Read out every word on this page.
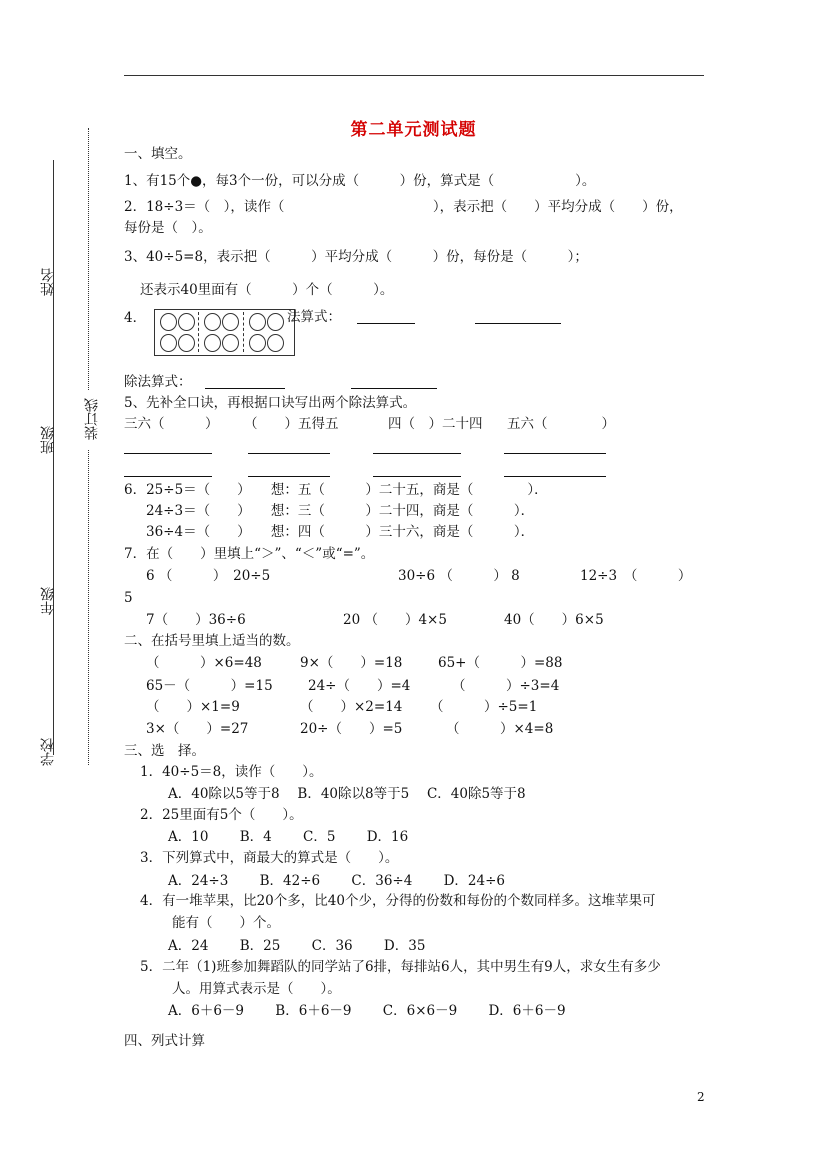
第二单元测试题
姓名
班级
年级
学校
装订线
一、填空。
1、有15个●，每3个一份，可以分成（　　　）份，算式是（　　　　　　）。
2．18÷3＝（　），读作（　　　　　　　　　　　），表示把（　　）平均分成（　　）份，
每份是（　）。
3、40÷5=8，表示把（　　　）平均分成（　　　）份，每份是（　　　）；
还表示40里面有（　　　）个（　　　）。
4．	法算式：
除法算式：
5、先补全口诀，再根据口诀写出两个除法算式。
三六（　　　） （　　）五得五	四（　）二十四 五六（　　　　）
6．25÷5＝（　　）　　想：五（　　　）二十五，商是（　　　　）．
24÷3＝（　　）　　想：三（　　　）二十四，商是（　　　）．
36÷4＝（　　）　　想：四（　　　）三十六，商是（　　　）．
7．在（　　）里填上“＞”、“＜”或“=”。
6 （　　　）　20÷5	30÷6 （　　　） 8	12÷3　（　　　）
5
7（　　）36÷6	20 （　　）4×5	40（　　）6×5
二、在括号里填上适当的数。
（　　　）×6=48	9×（　　）=18	65+（　　　）=88
65－（　　　）=15	24÷（　　）=4	（　　　）÷3=4
（　　）×1=9	（　　）×2=14 （　　　）÷5=1
3×（　　）=27	20÷（　　）=5	（　　　）×4=8
三、选　择。
1．40÷5＝8，读作（　　）。
A．40除以5等于8　 B．40除以8等于5　 C．40除5等于8
2．25里面有5个（　　）。
A．10　　 B．4　　 C．5　　 D．16
3．下列算式中，商最大的算式是（　　）。
A．24÷3　　 B．42÷6　　 C．36÷4　　 D．24÷6
4．有一堆苹果，比20个多，比40个少，分得的份数和每份的个数同样多。这堆苹果可
能有（　　）个。
A．24　　 B．25　　 C．36　　 D．35
5．二年（1)班参加舞蹈队的同学站了6排，每排站6人，其中男生有9人，求女生有多少
人。用算式表示是（　　）。
A．6＋6－9　　 B．6＋6－9　　 C．6×6－9　　 D．6＋6－9
四、列式计算
2
